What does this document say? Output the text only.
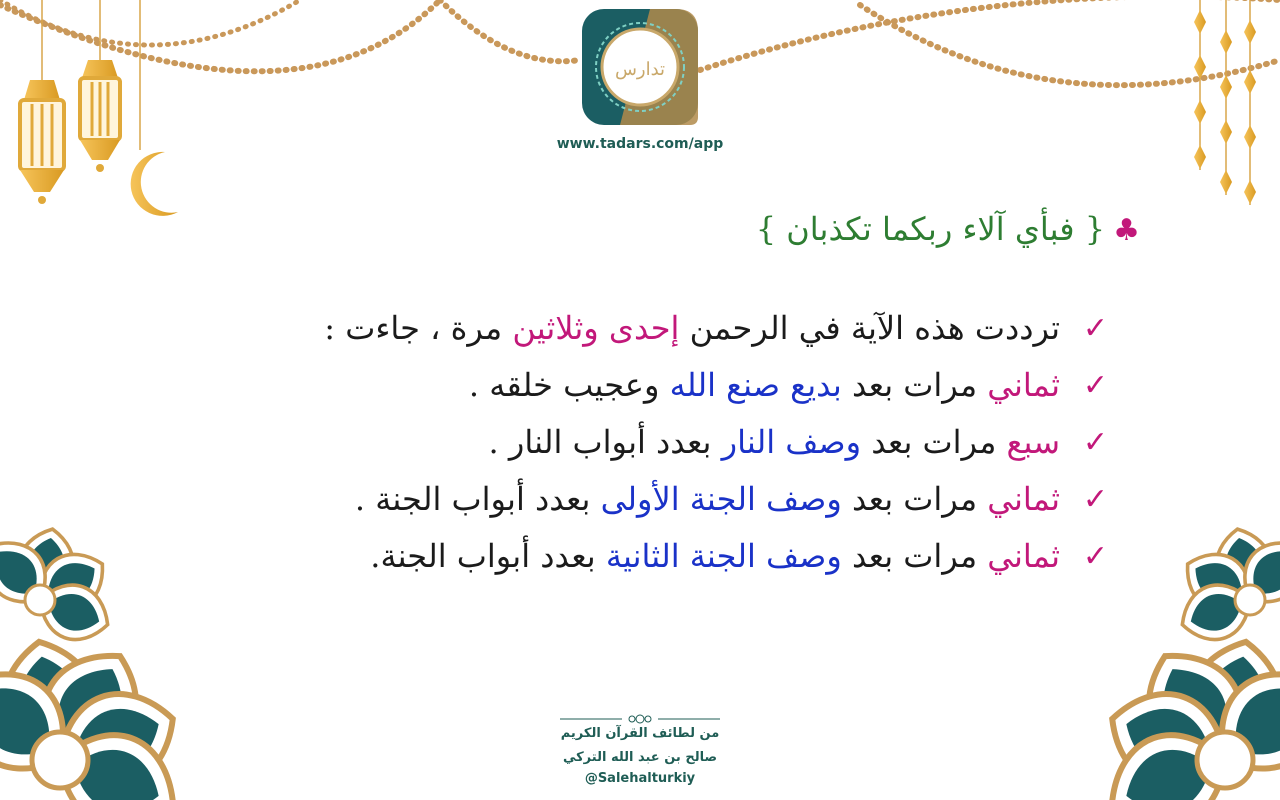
تدارس
www.tadars.com/app
♣{ فبأي آلاء ربكما تكذبان }
✓
ترددت هذه الآية في الرحمن إحدى وثلاثين مرة ، جاءت :
✓
ثماني مرات بعد بديع صنع الله وعجيب خلقه .
✓
سبع مرات بعد وصف النار بعدد أبواب النار .
✓
ثماني مرات بعد وصف الجنة الأولى بعدد أبواب الجنة .
✓
ثماني مرات بعد وصف الجنة الثانية بعدد أبواب الجنة.
من لطائف القرآن الكريم
صالح بن عبد الله التركي
@Salehalturkiy
